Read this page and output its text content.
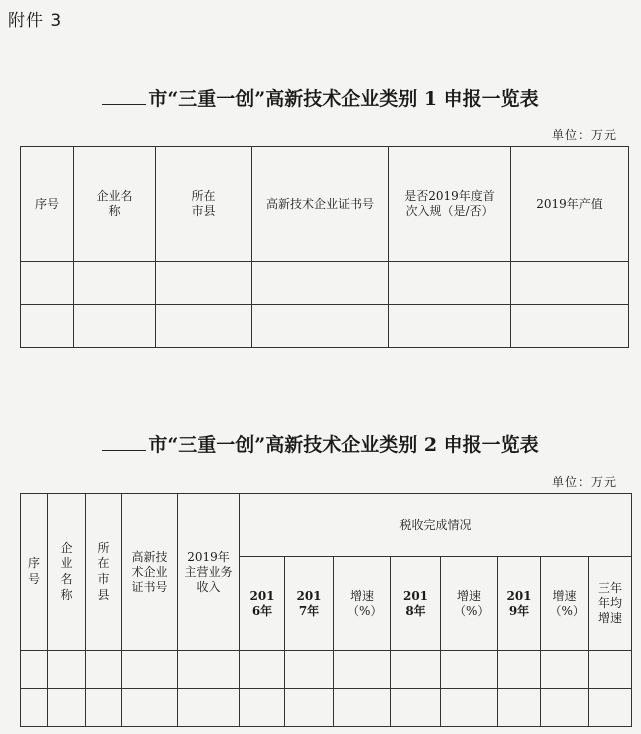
附件 3
市“三重一创”高新技术企业类别 1 申报一览表
单位：万元
序号	企业名称	所在市县	高新技术企业证书号	是否2019年度首次入规（是/否）	2019年产值

市“三重一创”高新技术企业类别 2 申报一览表
单位：万元
序号	企业名称	所在市县	高新技术企业证书号	2019年主营业务收入	税收完成情况							

					2016年	2017年	增速（%）	2018年	增速（%）	2019年	增速（%）	三年年均增速
